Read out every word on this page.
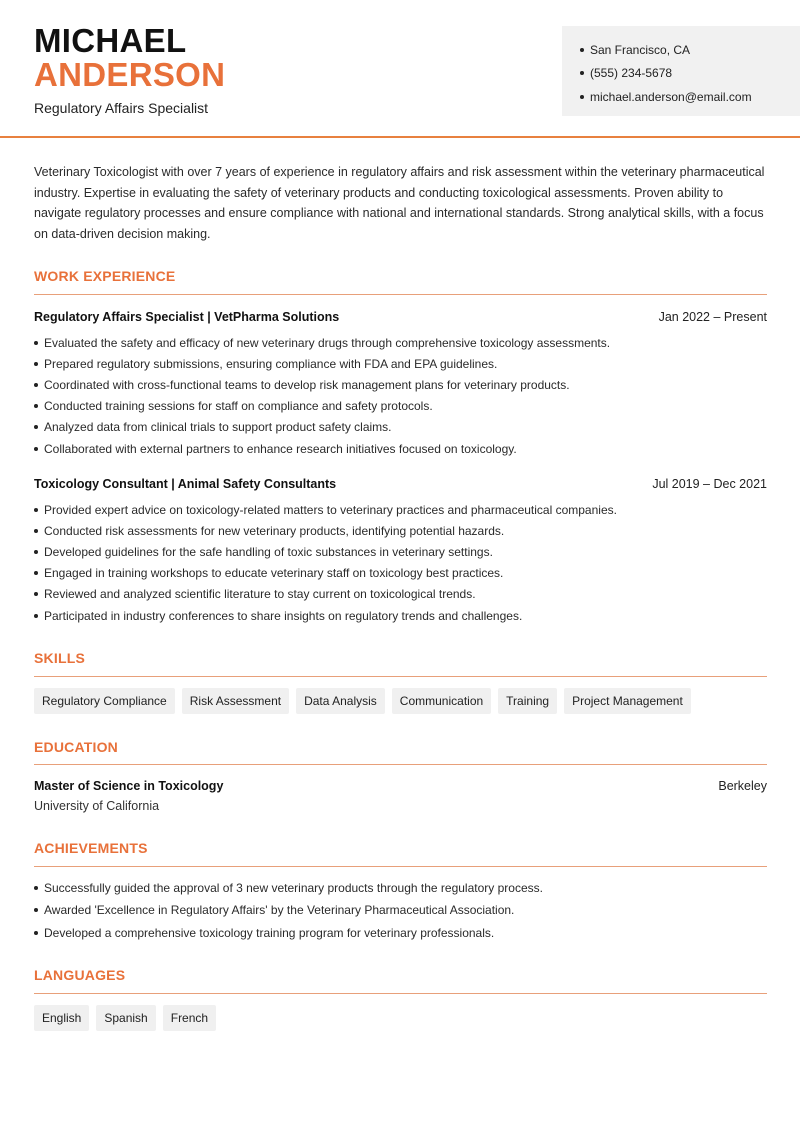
MICHAEL
ANDERSON
Regulatory Affairs Specialist
San Francisco, CA
(555) 234-5678
michael.anderson@email.com

Veterinary Toxicologist with over 7 years of experience in regulatory affairs and risk assessment within the veterinary pharmaceutical industry. Expertise in evaluating the safety of veterinary products and conducting toxicological assessments. Proven ability to navigate regulatory processes and ensure compliance with national and international standards. Strong analytical skills, with a focus on data-driven decision making.

WORK EXPERIENCE
Regulatory Affairs Specialist | VetPharma Solutions	Jan 2022 – Present
Evaluated the safety and efficacy of new veterinary drugs through comprehensive toxicology assessments.
Prepared regulatory submissions, ensuring compliance with FDA and EPA guidelines.
Coordinated with cross-functional teams to develop risk management plans for veterinary products.
Conducted training sessions for staff on compliance and safety protocols.
Analyzed data from clinical trials to support product safety claims.
Collaborated with external partners to enhance research initiatives focused on toxicology.
Toxicology Consultant | Animal Safety Consultants	Jul 2019 – Dec 2021
Provided expert advice on toxicology-related matters to veterinary practices and pharmaceutical companies.
Conducted risk assessments for new veterinary products, identifying potential hazards.
Developed guidelines for the safe handling of toxic substances in veterinary settings.
Engaged in training workshops to educate veterinary staff on toxicology best practices.
Reviewed and analyzed scientific literature to stay current on toxicological trends.
Participated in industry conferences to share insights on regulatory trends and challenges.
SKILLS
Regulatory Compliance	Risk Assessment	Data Analysis	Communication	Training	Project Management
EDUCATION
Master of Science in Toxicology	Berkeley
University of California
ACHIEVEMENTS
Successfully guided the approval of 3 new veterinary products through the regulatory process.
Awarded 'Excellence in Regulatory Affairs' by the Veterinary Pharmaceutical Association.
Developed a comprehensive toxicology training program for veterinary professionals.
LANGUAGES
English	Spanish	French
